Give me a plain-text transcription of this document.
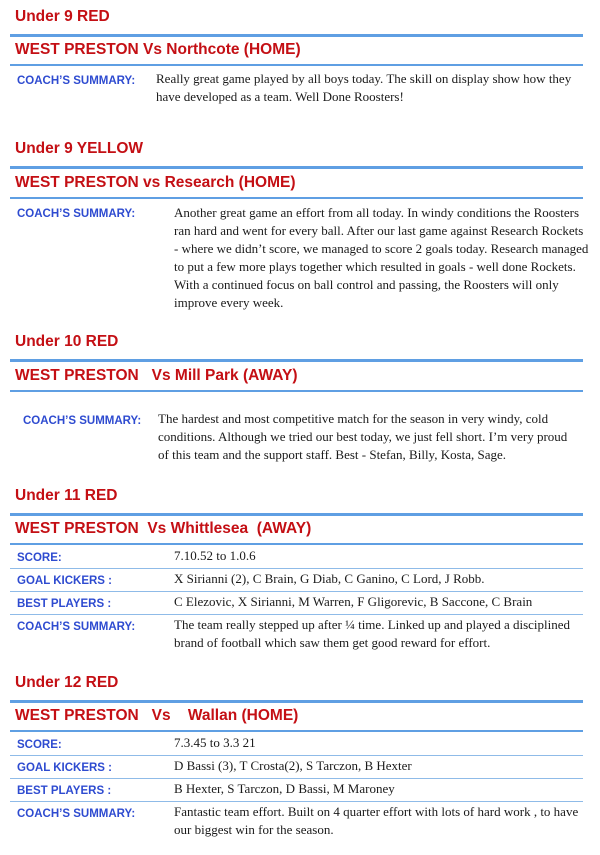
Under 9 RED
WEST PRESTON Vs Northcote (HOME)
COACH’S SUMMARY: Really great game played by all boys today. The skill on display show how they have developed as a team. Well Done Roosters!
Under 9 YELLOW
WEST PRESTON vs Research (HOME)
COACH’S SUMMARY:	Another great game an effort from all today. In windy conditions the Roosters ran hard and went for every ball. After our last game against Research Rockets - where we didn’t score, we managed to score 2 goals today. Research managed to put a few more plays together which resulted in goals - well done Rockets. With a continued focus on ball control and passing, the Roosters will only improve every week.
Under 10 RED
WEST PRESTON   Vs Mill Park (AWAY)
COACH’S SUMMARY: The hardest and most competitive match for the season in very windy, cold conditions. Although we tried our best today, we just fell short. I’m very proud of this team and the support staff. Best - Stefan, Billy, Kosta, Sage.
Under 11 RED
WEST PRESTON  Vs Whittlesea  (AWAY)
SCORE:	7.10.52 to 1.0.6
GOAL KICKERS :	X Sirianni (2), C Brain, G Diab, C Ganino, C Lord, J Robb.
BEST PLAYERS :	C Elezovic, X Sirianni, M Warren, F Gligorevic, B Saccone, C Brain
COACH’S SUMMARY:	The team really stepped up after ¼ time. Linked up and played a disciplined brand of football which saw them get good reward for effort.
Under 12 RED
WEST PRESTON   Vs    Wallan (HOME)
SCORE:	7.3.45 to 3.3 21
GOAL KICKERS :	D Bassi (3), T Crosta(2), S Tarczon, B Hexter
BEST PLAYERS :	B Hexter, S Tarczon, D Bassi, M Maroney
COACH’S SUMMARY:	Fantastic team effort. Built on 4 quarter effort with lots of hard work , to have our biggest win for the season.
